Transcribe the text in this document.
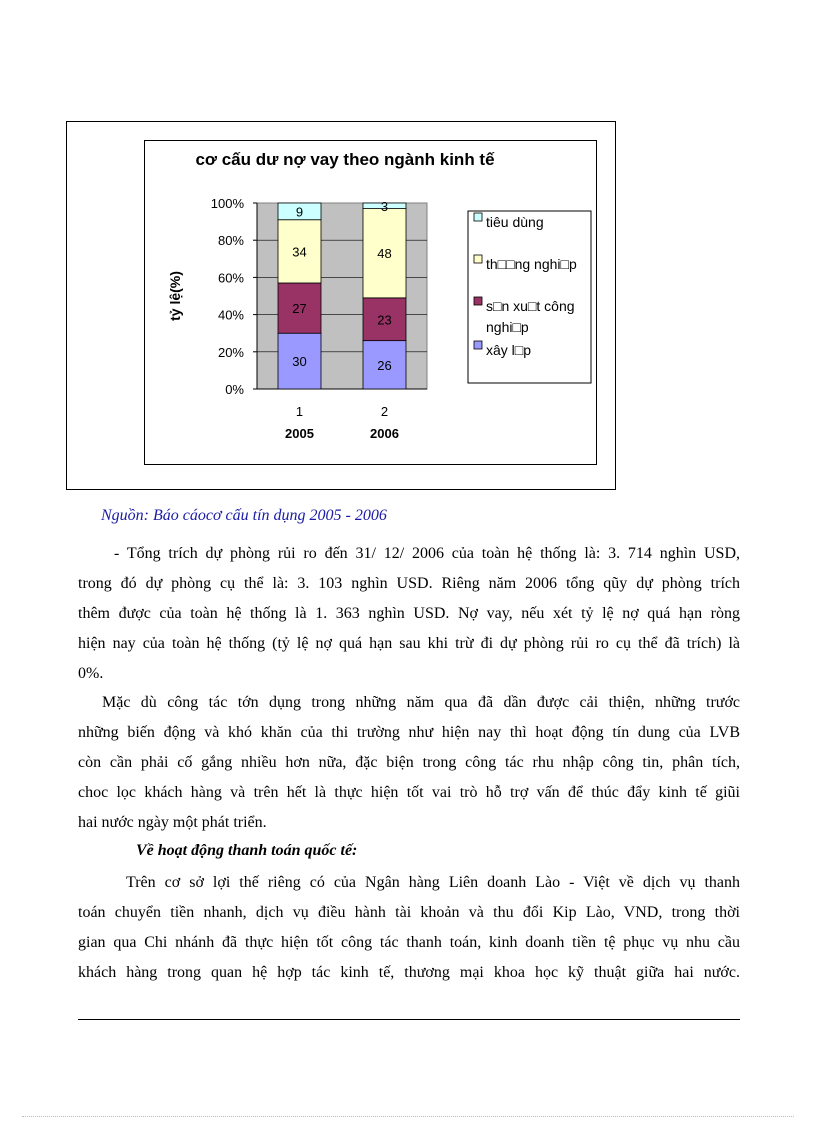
cơ cấu dư nợ vay theo ngành kinh tế
100%
80%
60%
40%
20%
0%
tỷ lệ(%)
30
27
34
9
1
2005
26
23
48
3
2
2006
tiêu dùng
th□□ng nghi□p
s□n xu□t công
nghi□p
xây l□p
Nguồn: Báo cáocơ cấu tín dụng 2005 - 2006
- Tổng trích dự phòng rủi ro đến 31/ 12/ 2006 của toàn hệ thống là: 3. 714 nghìn USD,
trong đó dự phòng cụ thể là: 3. 103 nghìn USD. Riêng năm 2006 tổng qũy dự phòng trích
thêm được của toàn hệ thống là 1. 363 nghìn USD. Nợ vay, nếu xét tỷ lệ nợ quá hạn ròng
hiện nay của toàn hệ thống (tỷ lệ nợ quá hạn sau khi trừ đi dự phòng rủi ro cụ thể đã trích) là
0%.
Mặc dù công tác tớn dụng trong những năm qua đã dần được cải thiện, những trước
những biến động và khó khăn của thi trường như hiện nay thì hoạt động tín dung của LVB
còn cần phải cố gắng nhiều hơn nữa, đặc biện trong công tác rhu nhập công tin, phân tích,
choc lọc khách hàng và trên hết là thực hiện tốt vai trò hỗ trợ vấn để thúc đẩy kinh tế giũi
hai nước ngày một phát triển.
Về hoạt động thanh toán quốc tế:
Trên cơ sở lợi thế riêng có của Ngân hàng Liên doanh Lào - Việt về dịch vụ thanh
toán chuyển tiền nhanh, dịch vụ điều hành tài khoản và thu đổi Kip Lào, VND, trong thời
gian qua Chi nhánh đã thực hiện tốt công tác thanh toán, kinh doanh tiền tệ phục vụ nhu cầu
khách hàng trong quan hệ hợp tác kinh tế, thương mại khoa học kỹ thuật giữa hai nước.
